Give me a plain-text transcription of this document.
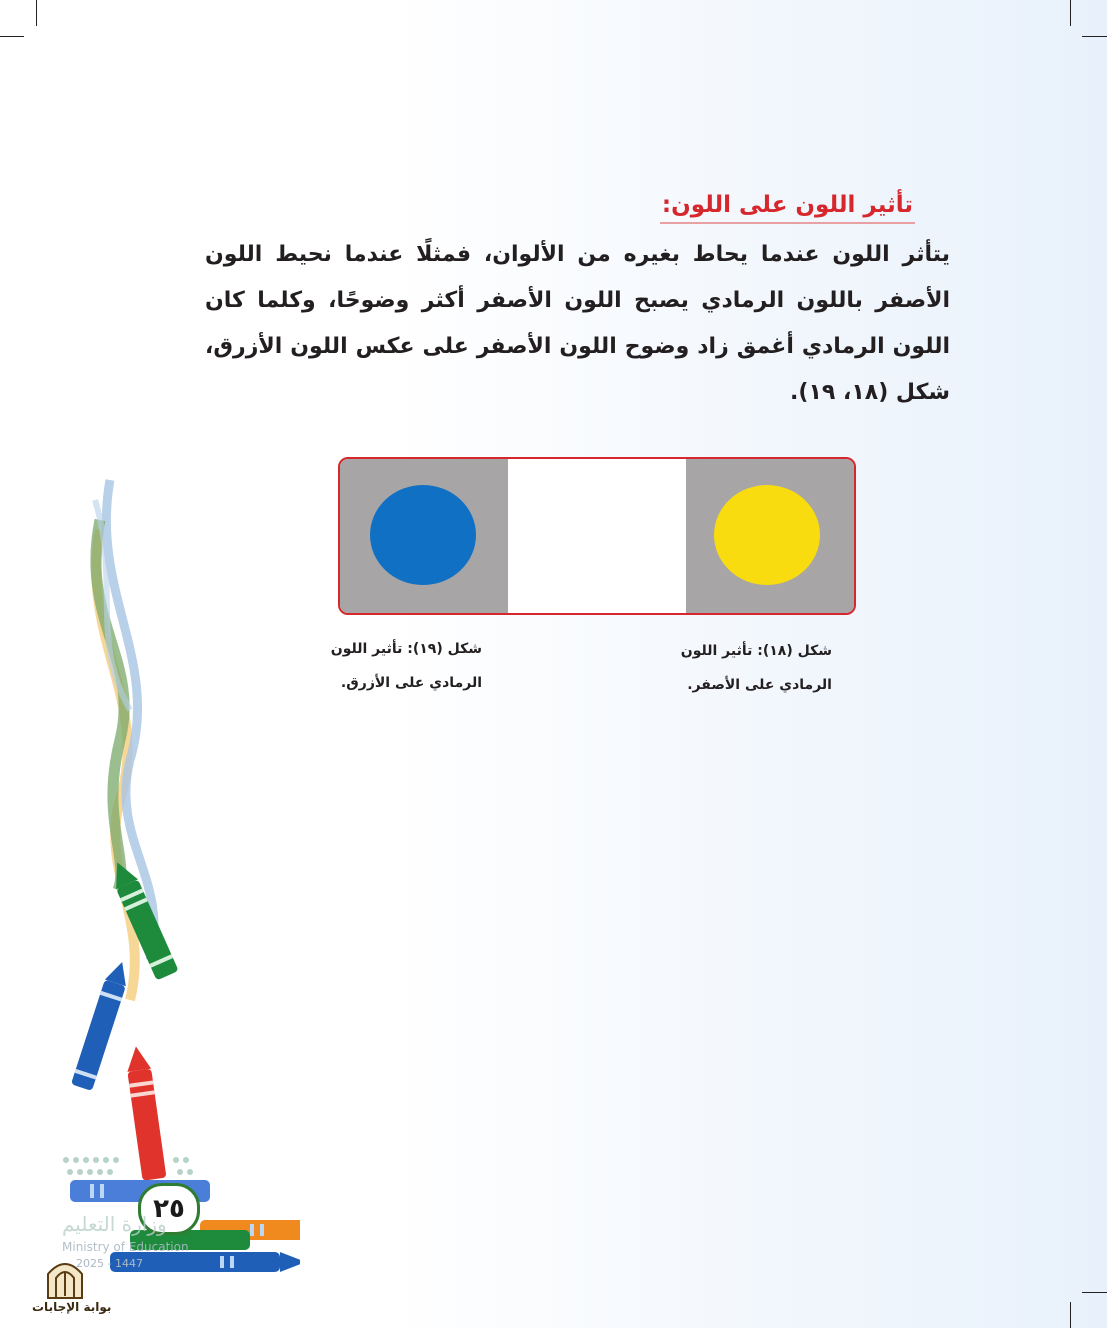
تأثير اللون على اللون:
يتأثر اللون عندما يحاط بغيره من الألوان، فمثلًا عندما نحيط اللون الأصفر باللون الرمادي يصبح اللون الأصفر أكثر وضوحًا، وكلما كان اللون الرمادي أغمق زاد وضوح اللون الأصفر على عكس اللون الأزرق، شكل (١٨، ١٩).
شكل (١٨): تأثير اللون
الرمادي على الأصفر.
شكل (١٩): تأثير اللون
الرمادي على الأزرق.
٢٥
وزارة التعليم
Ministry of Education
2025 - 1447
بوابة الإجابات
